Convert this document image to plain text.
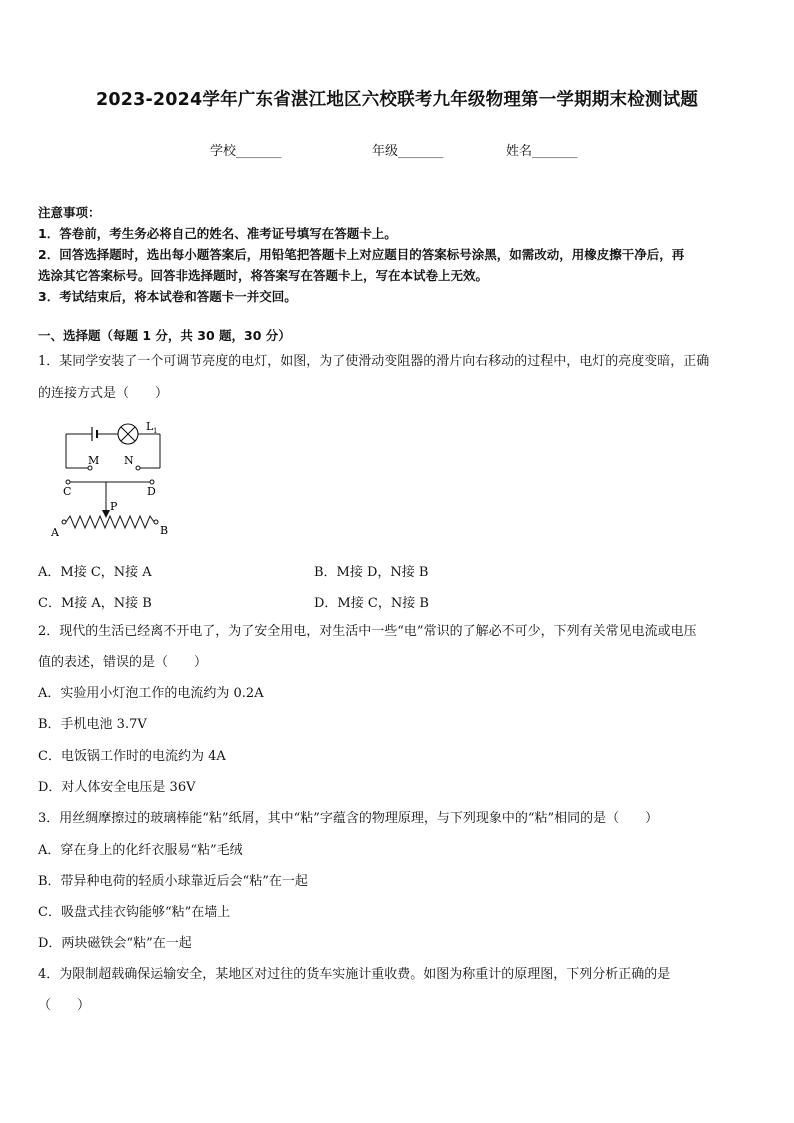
2023-2024学年广东省湛江地区六校联考九年级物理第一学期期末检测试题
学校_______	年级_______	姓名_______
注意事项：
1．答卷前，考生务必将自己的姓名、准考证号填写在答题卡上。
2．回答选择题时，选出每小题答案后，用铅笔把答题卡上对应题目的答案标号涂黑，如需改动，用橡皮擦干净后，再
选涂其它答案标号。回答非选择题时，将答案写在答题卡上，写在本试卷上无效。
3．考试结束后，将本试卷和答题卡一并交回。
一、选择题（每题 1 分，共 30 题，30 分）
1．某同学安装了一个可调节亮度的电灯，如图，为了使滑动变阻器的滑片向右移动的过程中，电灯的亮度变暗，正确
的连接方式是（　　）
L 1
M N
C	D
P
A	B
A．M接 C，N接 A	B．M接 D，N接 B
C．M接 A，N接 B	D．M接 C，N接 B
2．现代的生活已经离不开电了，为了安全用电，对生活中一些“电”常识的了解必不可少，下列有关常见电流或电压
值的表述，错误的是（　　）
A．实验用小灯泡工作的电流约为 0.2A
B．手机电池 3.7V
C．电饭锅工作时的电流约为 4A
D．对人体安全电压是 36V
3．用丝绸摩擦过的玻璃棒能“粘”纸屑，其中“粘”字蕴含的物理原理，与下列现象中的“粘”相同的是（　　）
A．穿在身上的化纤衣服易“粘”毛绒
B．带异种电荷的轻质小球靠近后会“粘”在一起
C．吸盘式挂衣钩能够“粘”在墙上
D．两块磁铁会“粘”在一起
4．为限制超载确保运输安全，某地区对过往的货车实施计重收费。如图为称重计的原理图，下列分析正确的是
（　　）
